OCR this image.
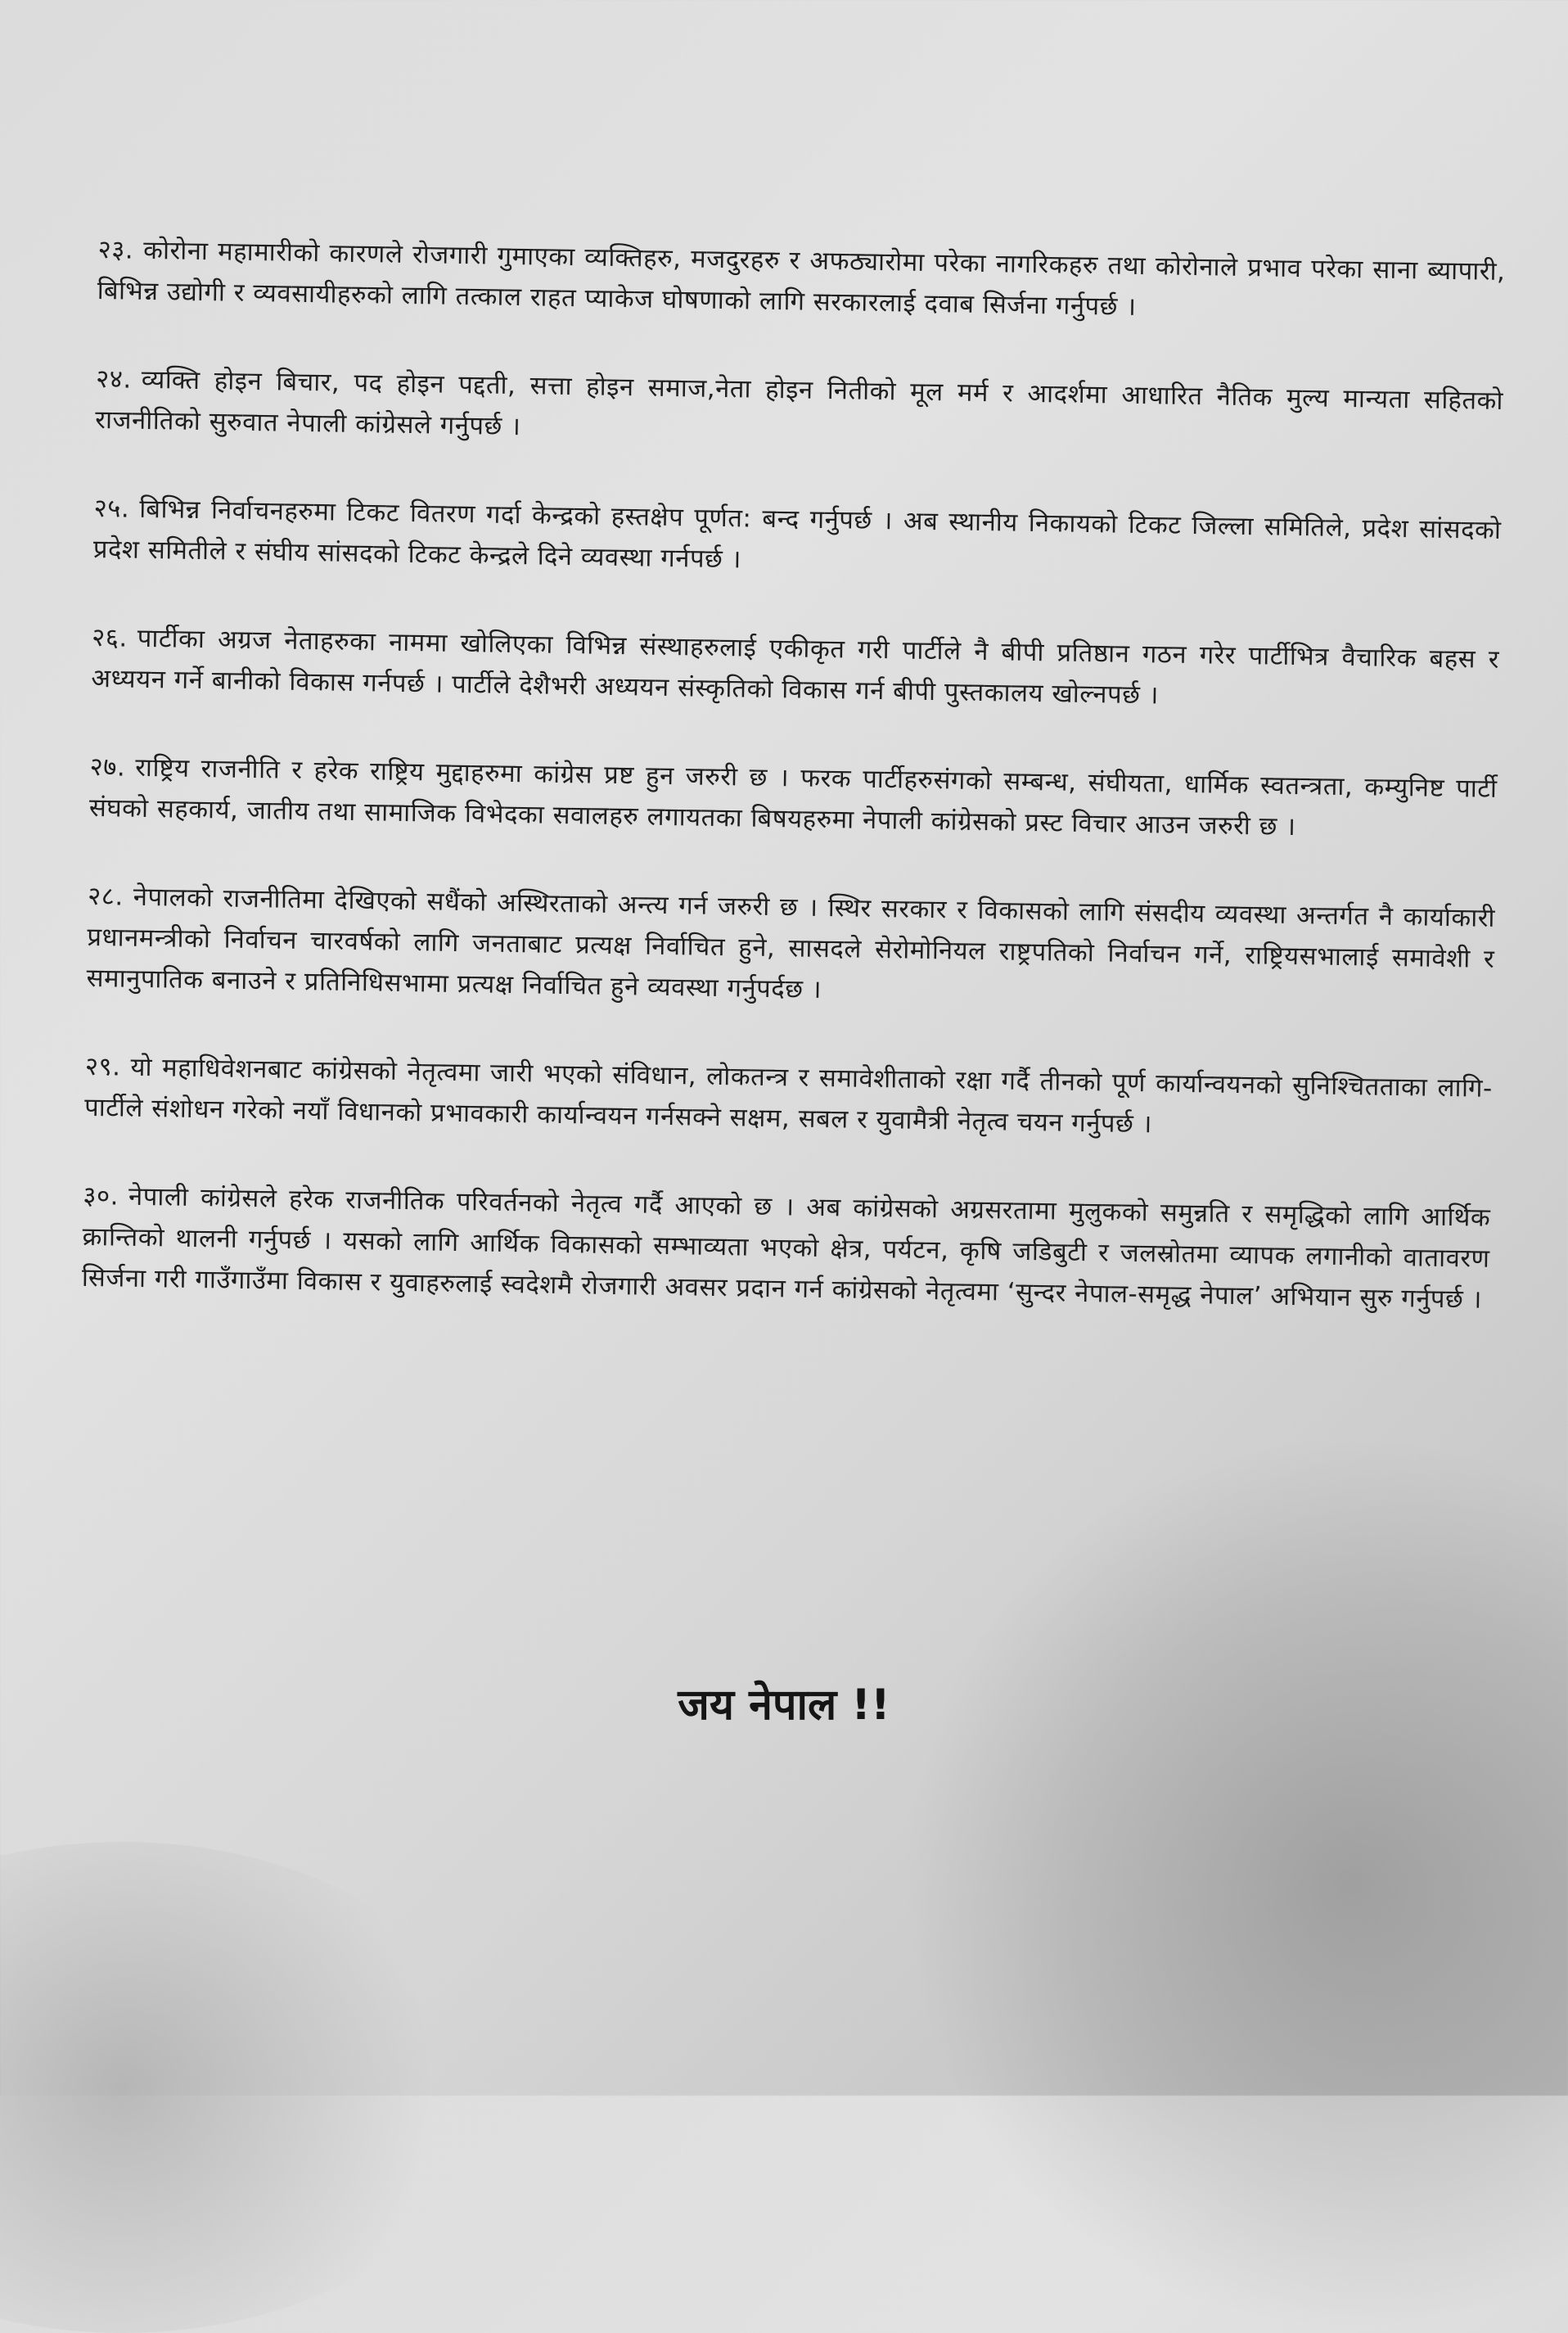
२३. कोरोना महामारीको कारणले रोजगारी गुमाएका व्यक्तिहरु, मजदुरहरु र अफठ्यारोमा परेका नागरिकहरु तथा कोरोनाले प्रभाव परेका साना ब्यापारी, बिभिन्न उद्योगी र व्यवसायीहरुको लागि तत्काल राहत प्याकेज घोषणाको लागि सरकारलाई दवाब सिर्जना गर्नुपर्छ ।

२४. व्यक्ति होइन बिचार, पद होइन पद्दती, सत्ता होइन समाज,नेता होइन नितीको मूल मर्म र आदर्शमा आधारित नैतिक मुल्य मान्यता सहितको राजनीतिको सुरुवात नेपाली कांग्रेसले गर्नुपर्छ ।

२५. बिभिन्न निर्वाचनहरुमा टिकट वितरण गर्दा केन्द्रको हस्तक्षेप पूर्णत: बन्द गर्नुपर्छ । अब स्थानीय निकायको टिकट जिल्ला समितिले, प्रदेश सांसदको प्रदेश समितीले र संघीय सांसदको टिकट केन्द्रले दिने व्यवस्था गर्नपर्छ ।

२६. पार्टीका अग्रज नेताहरुका नाममा खोलिएका विभिन्न संस्थाहरुलाई एकीकृत गरी पार्टीले नै बीपी प्रतिष्ठान गठन गरेर पार्टीभित्र वैचारिक बहस र अध्ययन गर्ने बानीको विकास गर्नपर्छ । पार्टीले देशैभरी अध्ययन संस्कृतिको विकास गर्न बीपी पुस्तकालय खोल्नपर्छ ।

२७. राष्ट्रिय राजनीति र हरेक राष्ट्रिय मुद्दाहरुमा कांग्रेस प्रष्ट हुन जरुरी छ । फरक पार्टीहरुसंगको सम्बन्ध, संघीयता, धार्मिक स्वतन्त्रता, कम्युनिष्ट पार्टी संघको सहकार्य, जातीय तथा सामाजिक विभेदका सवालहरु लगायतका बिषयहरुमा नेपाली कांग्रेसको प्रस्ट विचार आउन जरुरी छ ।

२८. नेपालको राजनीतिमा देखिएको सधैंको अस्थिरताको अन्त्य गर्न जरुरी छ । स्थिर सरकार र विकासको लागि संसदीय व्यवस्था अन्तर्गत नै कार्याकारी प्रधानमन्त्रीको निर्वाचन चारवर्षको लागि जनताबाट प्रत्यक्ष निर्वाचित हुने, सासदले सेरोमोनियल राष्ट्रपतिको निर्वाचन गर्ने, राष्ट्रियसभालाई समावेशी र समानुपातिक बनाउने र प्रतिनिधिसभामा प्रत्यक्ष निर्वाचित हुने व्यवस्था गर्नुपर्दछ ।

२९. यो महाधिवेशनबाट कांग्रेसको नेतृत्वमा जारी भएको संविधान, लोकतन्त्र र समावेशीताको रक्षा गर्दै तीनको पूर्ण कार्यान्वयनको सुनिश्चितताका लागि-पार्टीले संशोधन गरेको नयाँ विधानको प्रभावकारी कार्यान्वयन गर्नसक्ने सक्षम, सबल र युवामैत्री नेतृत्व चयन गर्नुपर्छ ।

३०. नेपाली कांग्रेसले हरेक राजनीतिक परिवर्तनको नेतृत्व गर्दै आएको छ । अब कांग्रेसको अग्रसरतामा मुलुकको समुन्नति र समृद्धिको लागि आर्थिक क्रान्तिको थालनी गर्नुपर्छ । यसको लागि आर्थिक विकासको सम्भाव्यता भएको क्षेत्र, पर्यटन, कृषि जडिबुटी र जलस्रोतमा व्यापक लगानीको वातावरण सिर्जना गरी गाउँगाउँमा विकास र युवाहरुलाई स्वदेशमै रोजगारी अवसर प्रदान गर्न कांग्रेसको नेतृत्वमा ‘सुन्दर नेपाल-समृद्ध नेपाल’ अभियान सुरु गर्नुपर्छ ।

जय नेपाल !!
